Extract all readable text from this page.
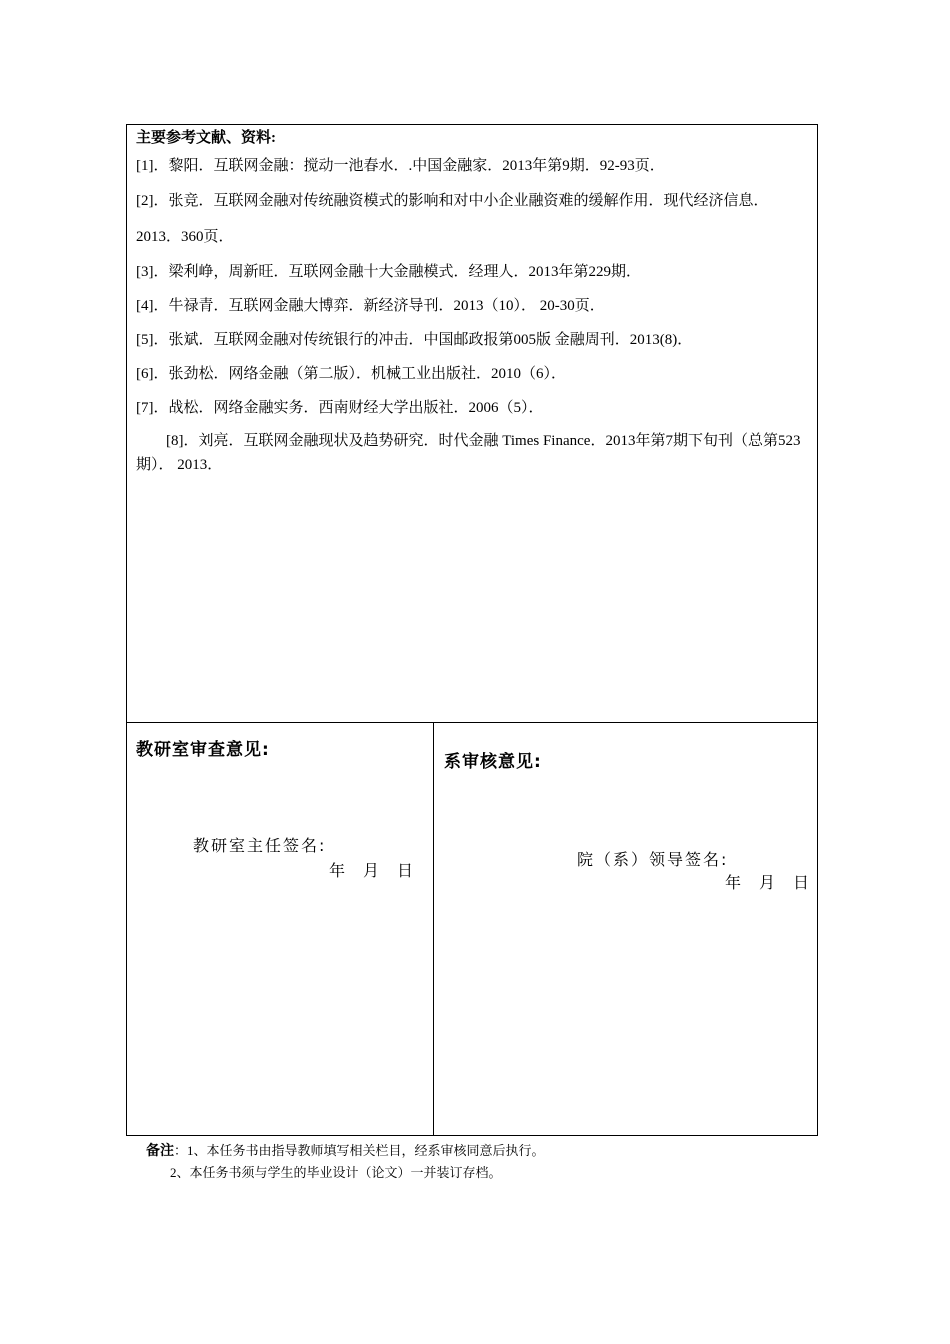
主要参考文献、资料:

[1]．黎阳．互联网金融：搅动一池春水．.中国金融家．2013年第9期．92-93页．

[2]．张竞．互联网金融对传统融资模式的影响和对中小企业融资难的缓解作用．现代经济信息．2013．360页．

[3]．梁利峥，周新旺．互联网金融十大金融模式．经理人．2013年第229期．

[4]．牛禄青．互联网金融大博弈．新经济导刊．2013（10）． 20-30页．

[5]．张斌．互联网金融对传统银行的冲击．中国邮政报第005版 金融周刊．2013(8)．

[6]．张劲松．网络金融（第二版）．机械工业出版社．2010（6）．

[7]．战松．网络金融实务．西南财经大学出版社．2006（5）．

[8]．刘亮．互联网金融现状及趋势研究．时代金融 Times Finance．2013年第7期下旬刊（总第523期）． 2013．

教研室审查意见:
教研室主任签名:
年 月 日
系审核意见:
院（系）领导签名:
年 月 日
备注：1、本任务书由指导教师填写相关栏目，经系审核同意后执行。
2、本任务书须与学生的毕业设计（论文）一并装订存档。
